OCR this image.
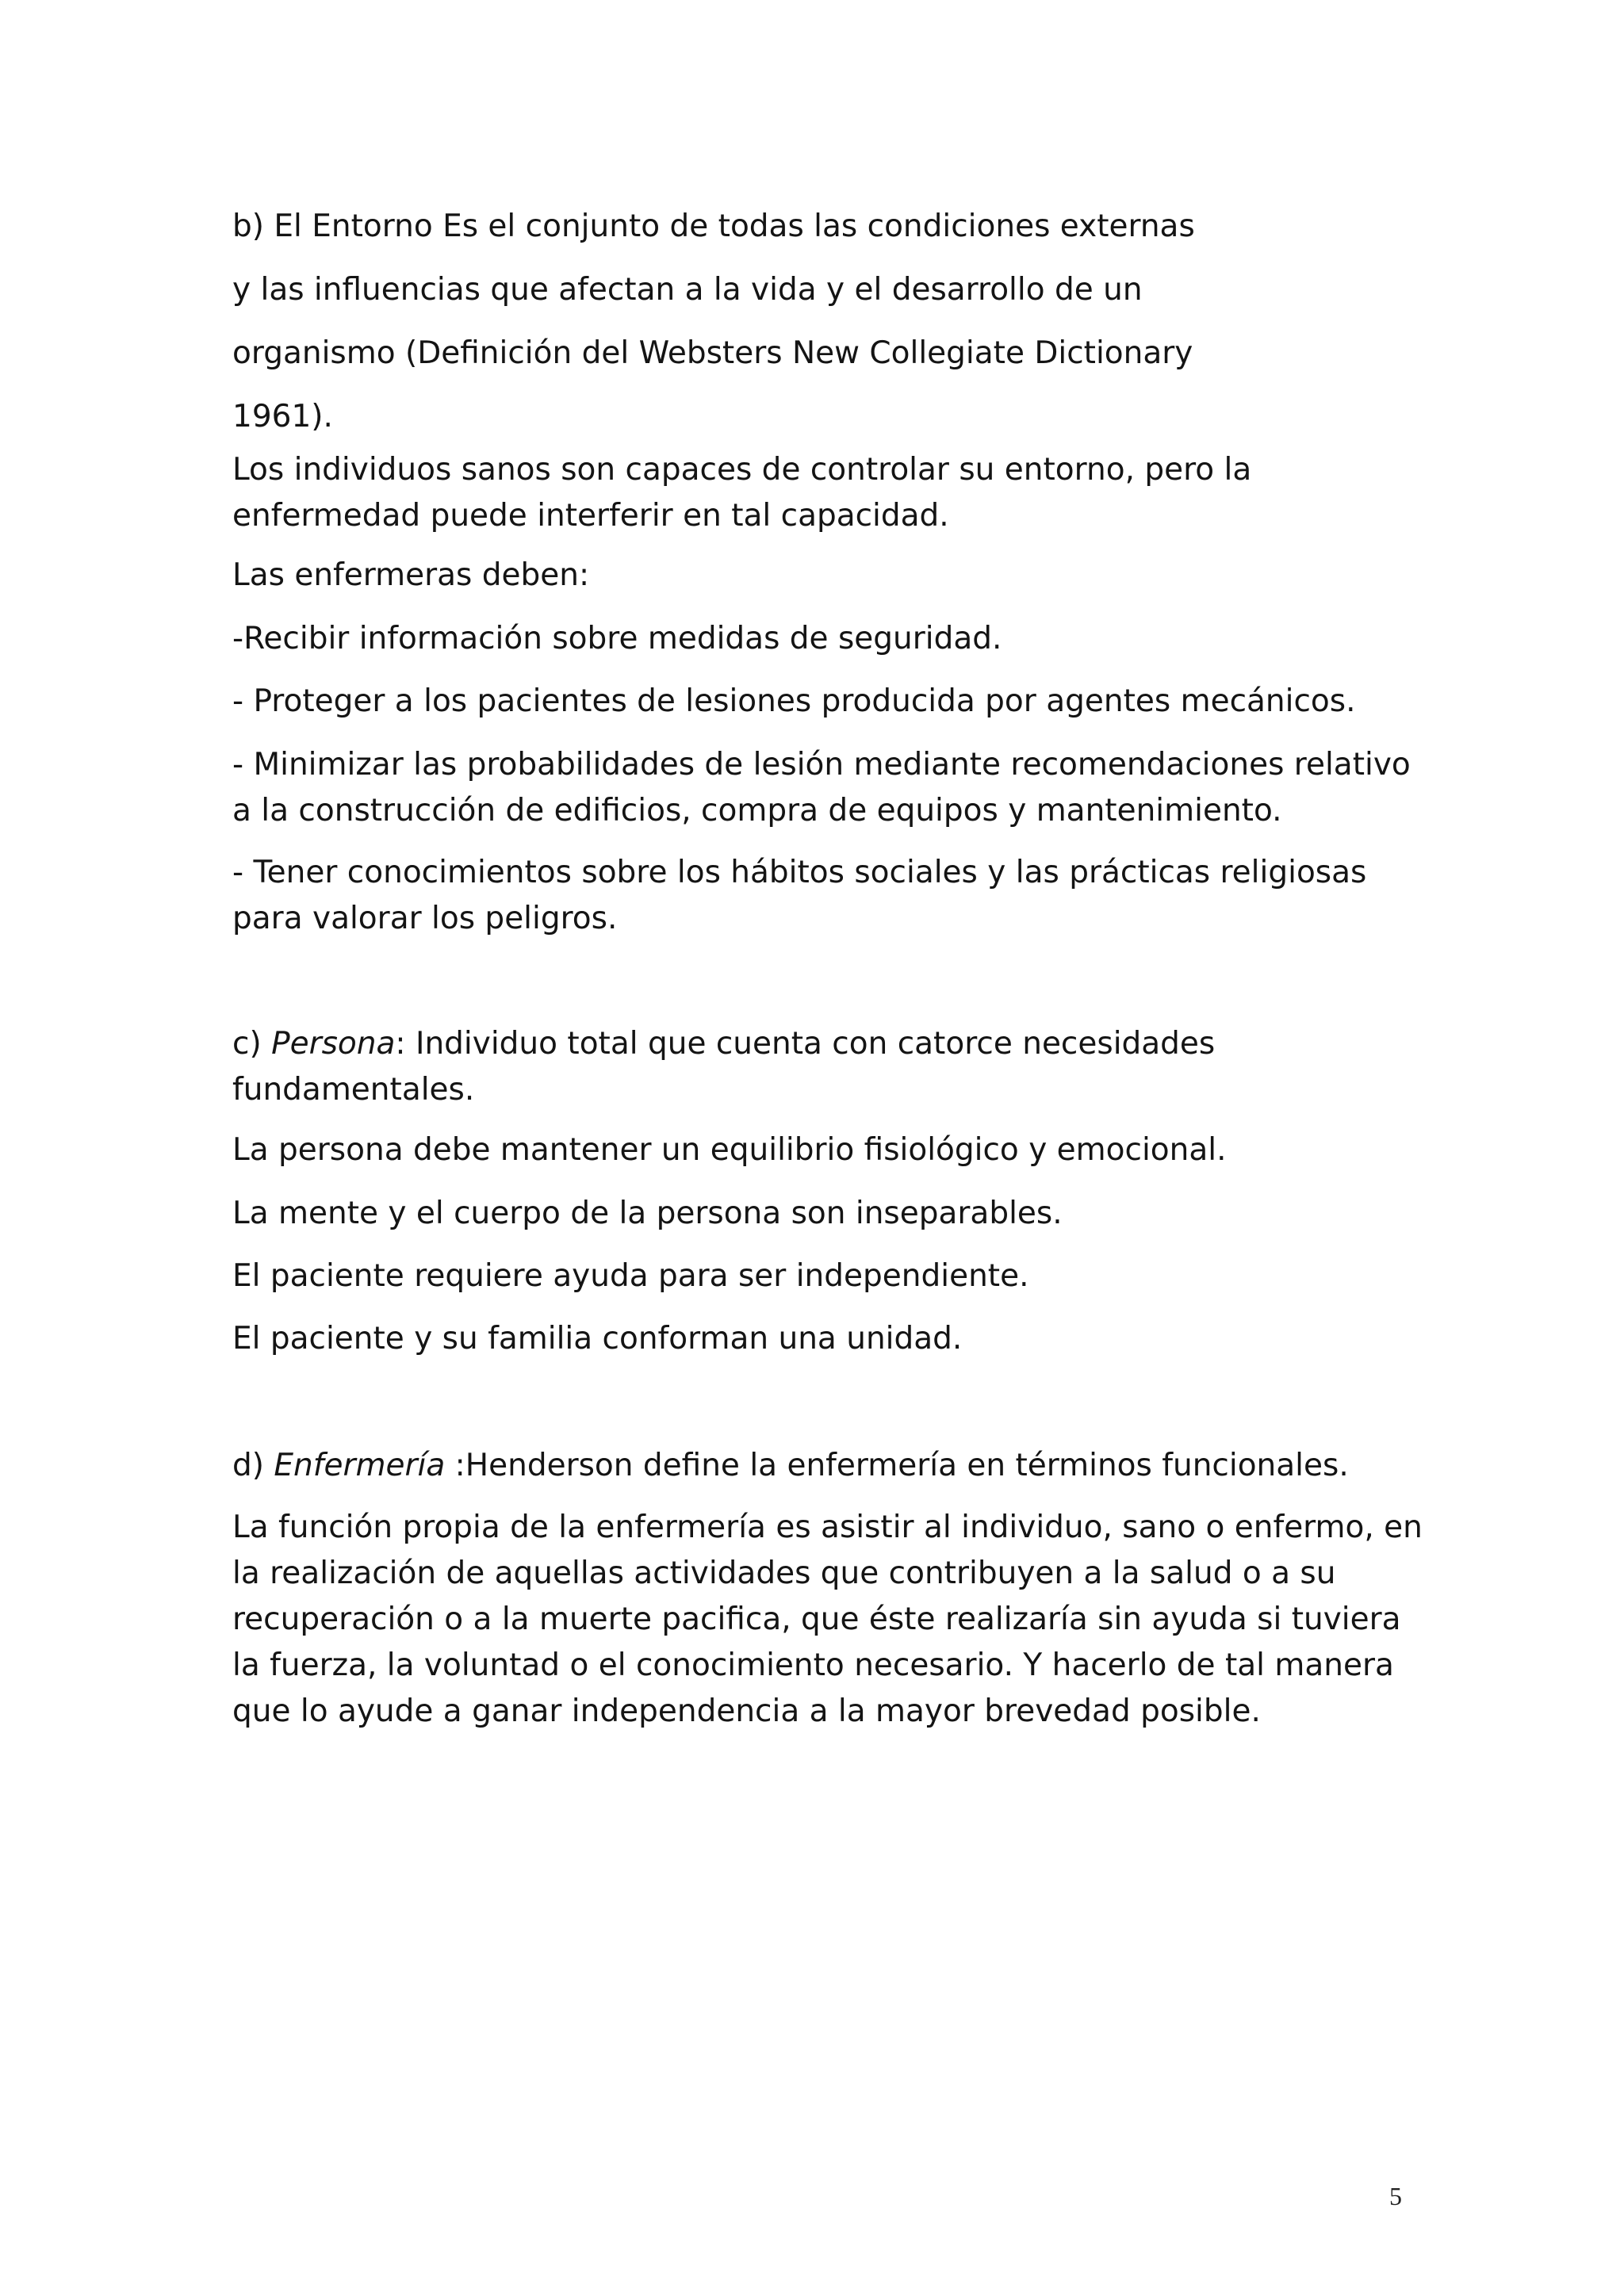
b) El Entorno Es el conjunto de todas las condiciones externas
y las influencias que afectan a la vida y el desarrollo de un
organismo (Definición del Websters New Collegiate Dictionary
1961).

Los individuos sanos son capaces de controlar su entorno, pero la
enfermedad puede interferir en tal capacidad.

Las enfermeras deben:

-Recibir información sobre medidas de seguridad.

- Proteger a los pacientes de lesiones producida por agentes mecánicos.

- Minimizar las probabilidades de lesión mediante recomendaciones relativo
a la construcción de edificios, compra de equipos y mantenimiento.

- Tener conocimientos sobre los hábitos sociales y las prácticas religiosas
para valorar los peligros.

c) Persona: Individuo total que cuenta con catorce necesidades
fundamentales.

La persona debe mantener un equilibrio fisiológico y emocional.

La mente y el cuerpo de la persona son inseparables.

El paciente requiere ayuda para ser independiente.

El paciente y su familia conforman una unidad.

d) Enfermería :Henderson define la enfermería en términos funcionales.

La función propia de la enfermería es asistir al individuo, sano o enfermo, en
la realización de aquellas actividades que contribuyen a la salud o a su
recuperación o a la muerte pacifica, que éste realizaría sin ayuda si tuviera
la fuerza, la voluntad o el conocimiento necesario. Y hacerlo de tal manera
que lo ayude a ganar independencia a la mayor brevedad posible.

5
